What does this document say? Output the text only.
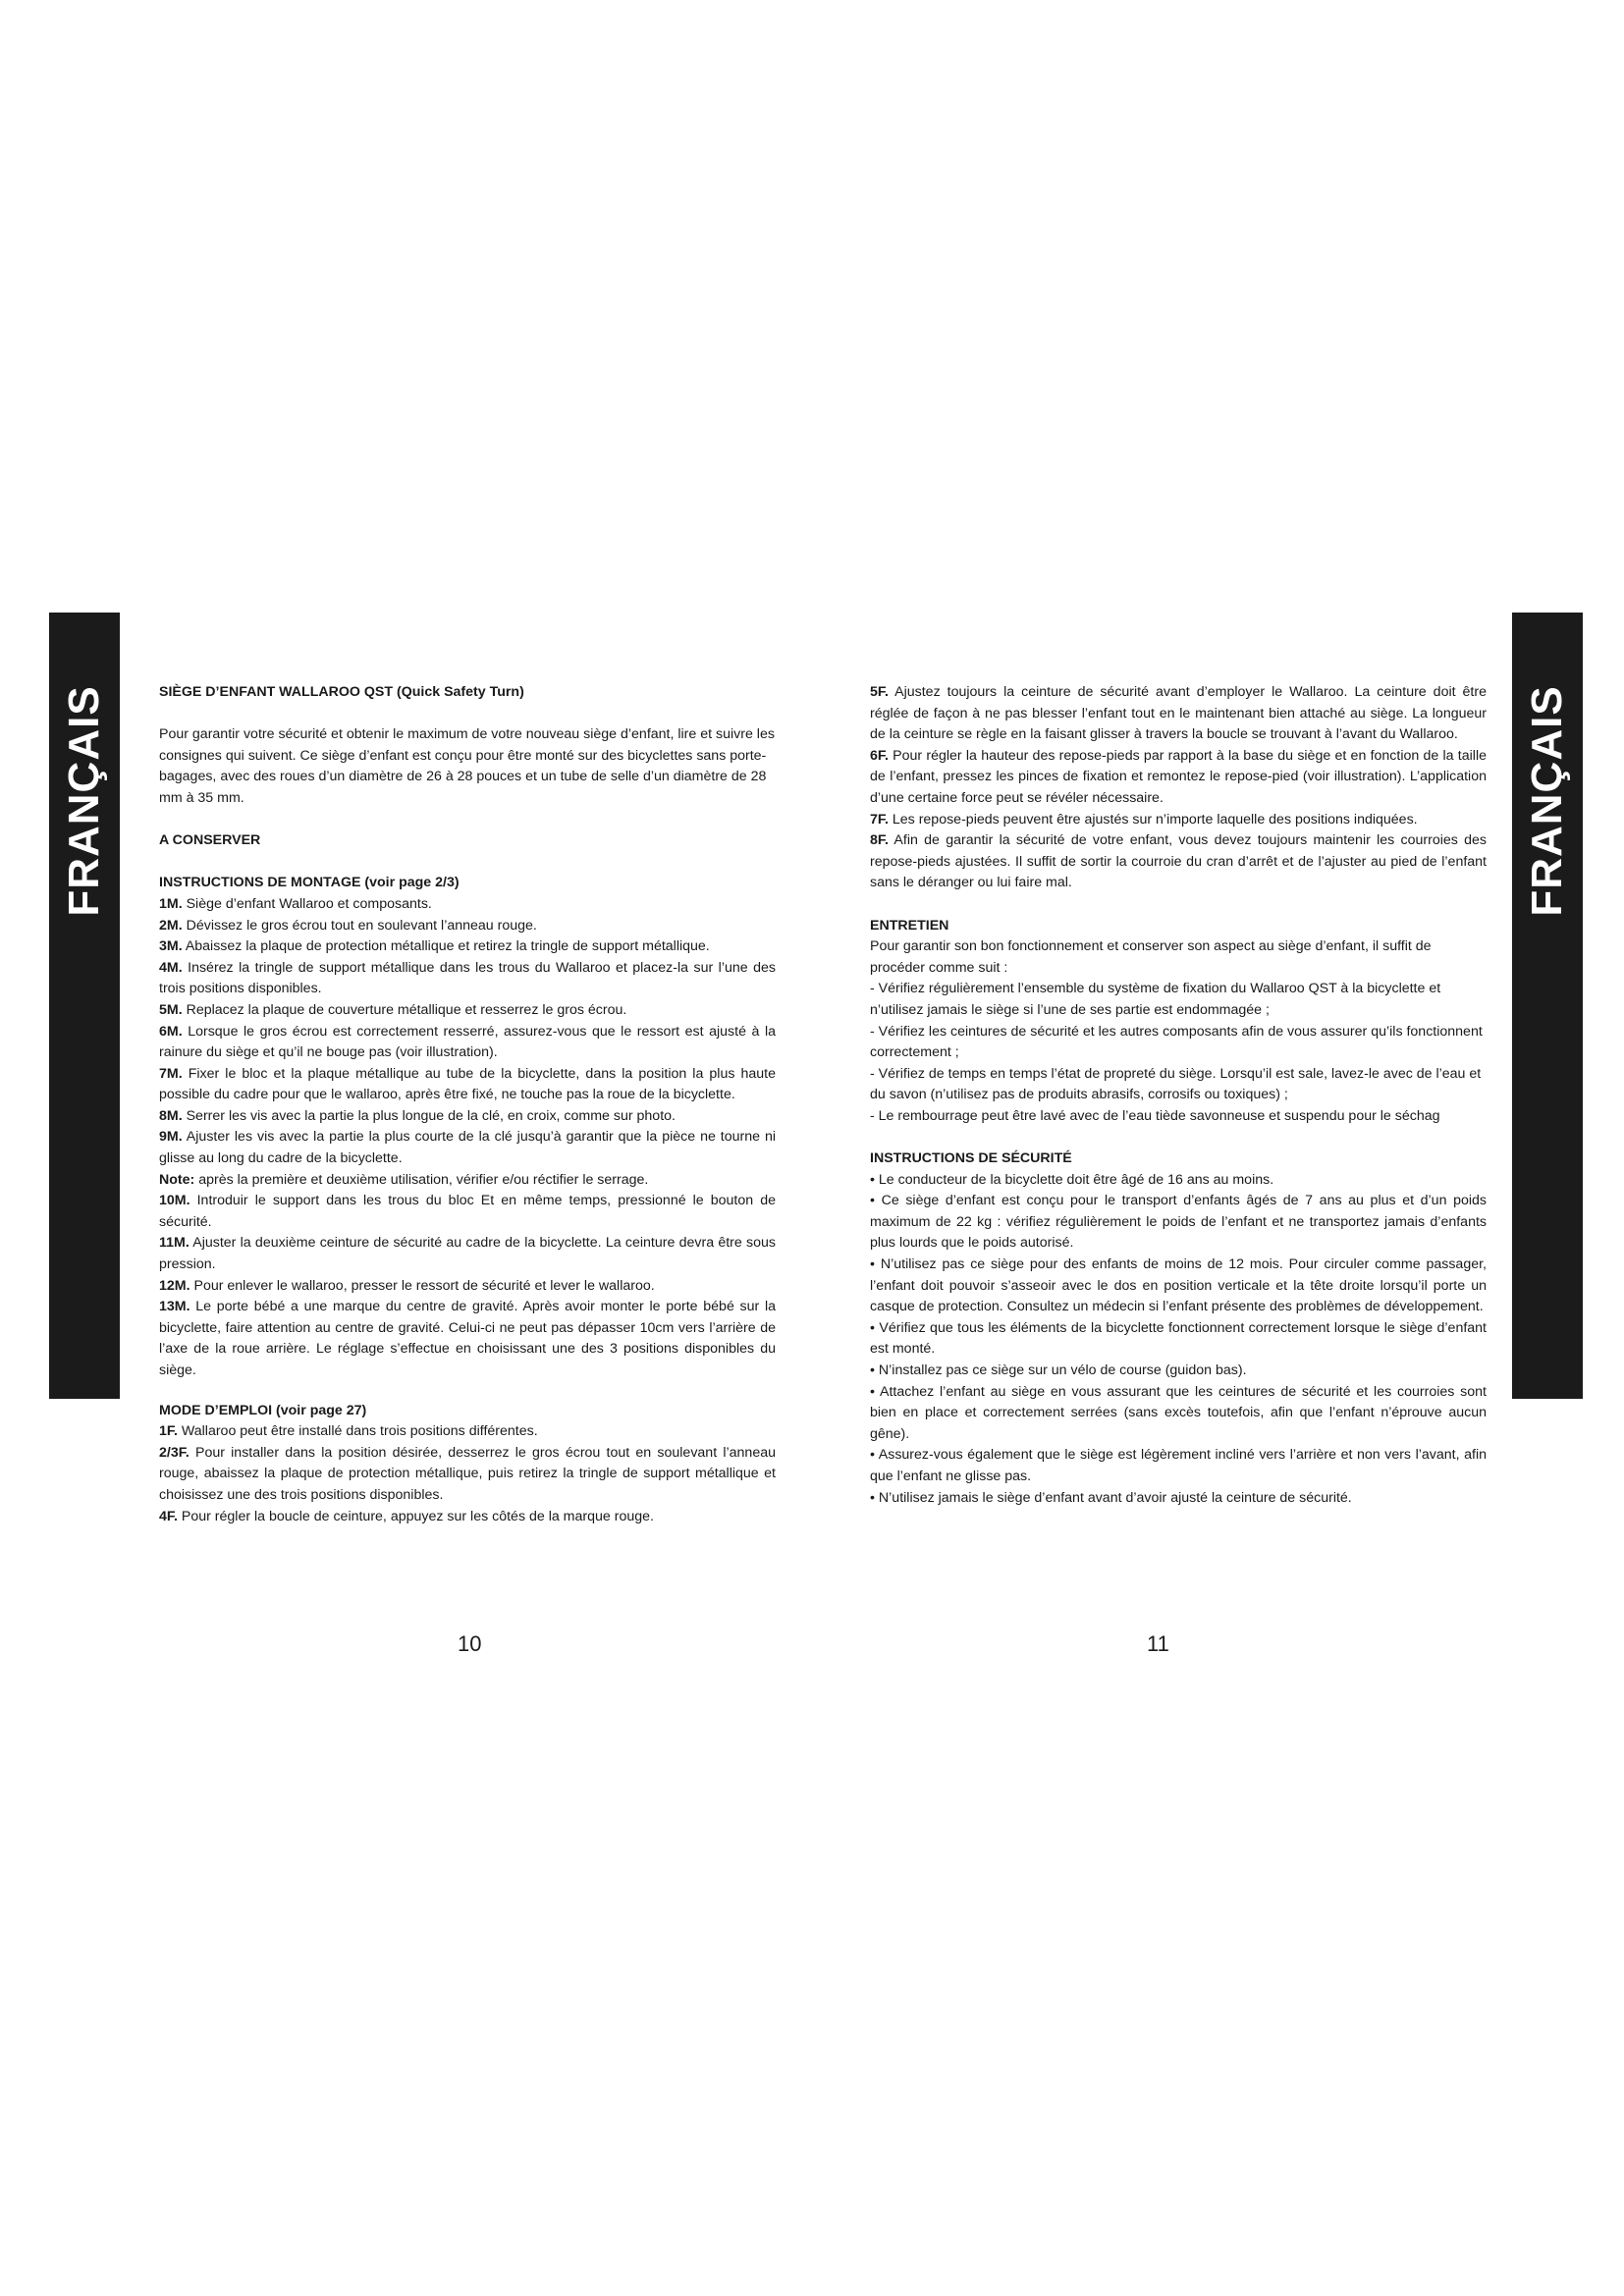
FRANÇAIS	FRANÇAIS

SIÈGE D’ENFANT WALLAROO QST (Quick Safety Turn)

Pour garantir votre sécurité et obtenir le maximum de votre nouveau siège d’enfant, lire et suivre les consignes qui suivent. Ce siège d’enfant est conçu pour être monté sur des bicyclettes sans porte-bagages, avec des roues d’un diamètre de 26 à 28 pouces et un tube de selle d’un diamètre de 28 mm à 35 mm.

A CONSERVER

INSTRUCTIONS DE MONTAGE (voir page 2/3)

1M. Siège d’enfant Wallaroo et composants.

2M. Dévissez le gros écrou tout en soulevant l’anneau rouge.

3M. Abaissez la plaque de protection métallique et retirez la tringle de support métallique.

4M. Insérez la tringle de support métallique dans les trous du Wallaroo et placez-la sur l’une des trois positions disponibles.

5M. Replacez la plaque de couverture métallique et resserrez le gros écrou.

6M. Lorsque le gros écrou est correctement resserré, assurez-vous que le ressort est ajusté à la rainure du siège et qu’il ne bouge pas (voir illustration).

7M. Fixer le bloc et la plaque métallique au tube de la bicyclette, dans la position la plus haute possible du cadre pour que le wallaroo, après être fixé, ne touche pas la roue de la bicyclette.

8M. Serrer les vis avec la partie la plus longue de la clé, en croix, comme sur photo.

9M. Ajuster les vis avec la partie la plus courte de la clé jusqu’à garantir que la pièce ne tourne ni glisse au long du cadre de la bicyclette.

Note: après la première et deuxième utilisation, vérifier e/ou réctifier le serrage.

10M. Introduir le support dans les trous du bloc Et en même temps, pressionné le bouton de sécurité.

11M. Ajuster la deuxième ceinture de sécurité au cadre de la bicyclette. La ceinture devra être sous pression.

12M. Pour enlever le wallaroo, presser le ressort de sécurité et lever le wallaroo.

13M. Le porte bébé a une marque du centre de gravité. Après avoir monter le porte bébé sur la bicyclette, faire attention au centre de gravité. Celui-ci ne peut pas dépasser 10cm vers l’arrière de l’axe de la roue arrière. Le réglage s’effectue en choisissant une des 3 positions disponibles du siège.

MODE D’EMPLOI (voir page 27)

1F. Wallaroo peut être installé dans trois positions différentes.

2/3F. Pour installer dans la position désirée, desserrez le gros écrou tout en soulevant l’anneau rouge, abaissez la plaque de protection métallique, puis retirez la tringle de support métallique et choisissez une des trois positions disponibles.

4F. Pour régler la boucle de ceinture, appuyez sur les côtés de la marque rouge.

5F. Ajustez toujours la ceinture de sécurité avant d’employer le Wallaroo. La ceinture doit être réglée de façon à ne pas blesser l’enfant tout en le maintenant bien attaché au siège. La longueur de la ceinture se règle en la faisant glisser à travers la boucle se trouvant à l’avant du Wallaroo.

6F. Pour régler la hauteur des repose-pieds par rapport à la base du siège et en fonction de la taille de l’enfant, pressez les pinces de fixation et remontez le repose-pied (voir illustration). L’application d’une certaine force peut se révéler nécessaire.

7F. Les repose-pieds peuvent être ajustés sur n’importe laquelle des positions indiquées.

8F. Afin de garantir la sécurité de votre enfant, vous devez toujours maintenir les courroies des repose-pieds ajustées. Il suffit de sortir la courroie du cran d’arrêt et de l’ajuster au pied de l’enfant sans le déranger ou lui faire mal.

ENTRETIEN

Pour garantir son bon fonctionnement et conserver son aspect au siège d’enfant, il suffit de procéder comme suit :

- Vérifiez régulièrement l’ensemble du système de fixation du Wallaroo QST à la bicyclette et n’utilisez jamais le siège si l’une de ses partie est endommagée ;

- Vérifiez les ceintures de sécurité et les autres composants afin de vous assurer qu’ils fonctionnent correctement ;

- Vérifiez de temps en temps l’état de propreté du siège. Lorsqu’il est sale, lavez-le avec de l’eau et du savon (n’utilisez pas de produits abrasifs, corrosifs ou toxiques) ;

- Le rembourrage peut être lavé avec de l’eau tiède savonneuse et suspendu pour le séchag

INSTRUCTIONS DE SÉCURITÉ

• Le conducteur de la bicyclette doit être âgé de 16 ans au moins.

• Ce siège d’enfant est conçu pour le transport d’enfants âgés de 7 ans au plus et d’un poids maximum de 22 kg : vérifiez régulièrement le poids de l’enfant et ne transportez jamais d’enfants plus lourds que le poids autorisé.

• N’utilisez pas ce siège pour des enfants de moins de 12 mois. Pour circuler comme passager, l’enfant doit pouvoir s’asseoir avec le dos en position verticale et la tête droite lorsqu’il porte un casque de protection. Consultez un médecin si l’enfant présente des problèmes de développement.

• Vérifiez que tous les éléments de la bicyclette fonctionnent correctement lorsque le siège d’enfant est monté.

• N’installez pas ce siège sur un vélo de course (guidon bas).

• Attachez l’enfant au siège en vous assurant que les ceintures de sécurité et les courroies sont bien en place et correctement serrées (sans excès toutefois, afin que l’enfant n’éprouve aucun gêne).

• Assurez-vous également que le siège est légèrement incliné vers l’arrière et non vers l’avant, afin que l’enfant ne glisse pas.

• N’utilisez jamais le siège d’enfant avant d’avoir ajusté la ceinture de sécurité.

10	11
